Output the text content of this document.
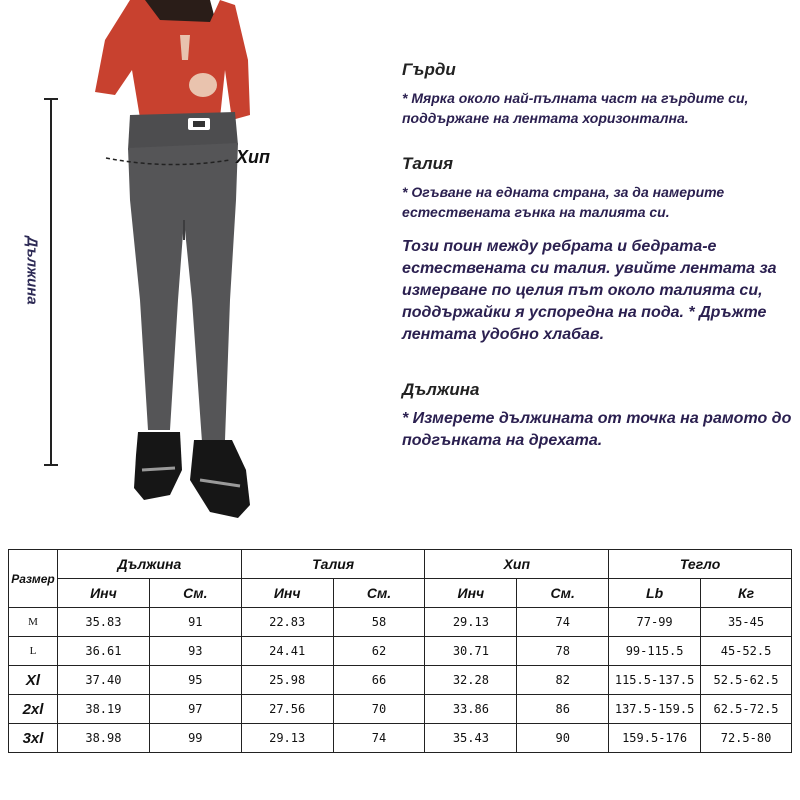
Хип
Дължина

Гърди

* Мярка около най-пълната част на гърдите си, поддържане на лентата хоризонтална.

Талия

* Огъване на едната страна, за да намерите естествената гънка на талията си.

Този поин между ребрата и бедрата-е естествената си талия. увийте лентата за измерване по целия път около талията си, поддържайки я успоредна на пода. * Дръжте лентата удобно хлабав.

Дължина

* Измерете дължината от точка на рамото до подгънката на дрехата.

Размер	Дължина		Талия		Хип		Тегло	
	Инч	См.	Инч	См.	Инч	См.	Lb	Кг
M	35.83	91	22.83	58	29.13	74	77-99	35-45
L	36.61	93	24.41	62	30.71	78	99-115.5	45-52.5
Xl	37.40	95	25.98	66	32.28	82	115.5-137.5	52.5-62.5
2xl	38.19	97	27.56	70	33.86	86	137.5-159.5	62.5-72.5
3xl	38.98	99	29.13	74	35.43	90	159.5-176	72.5-80
